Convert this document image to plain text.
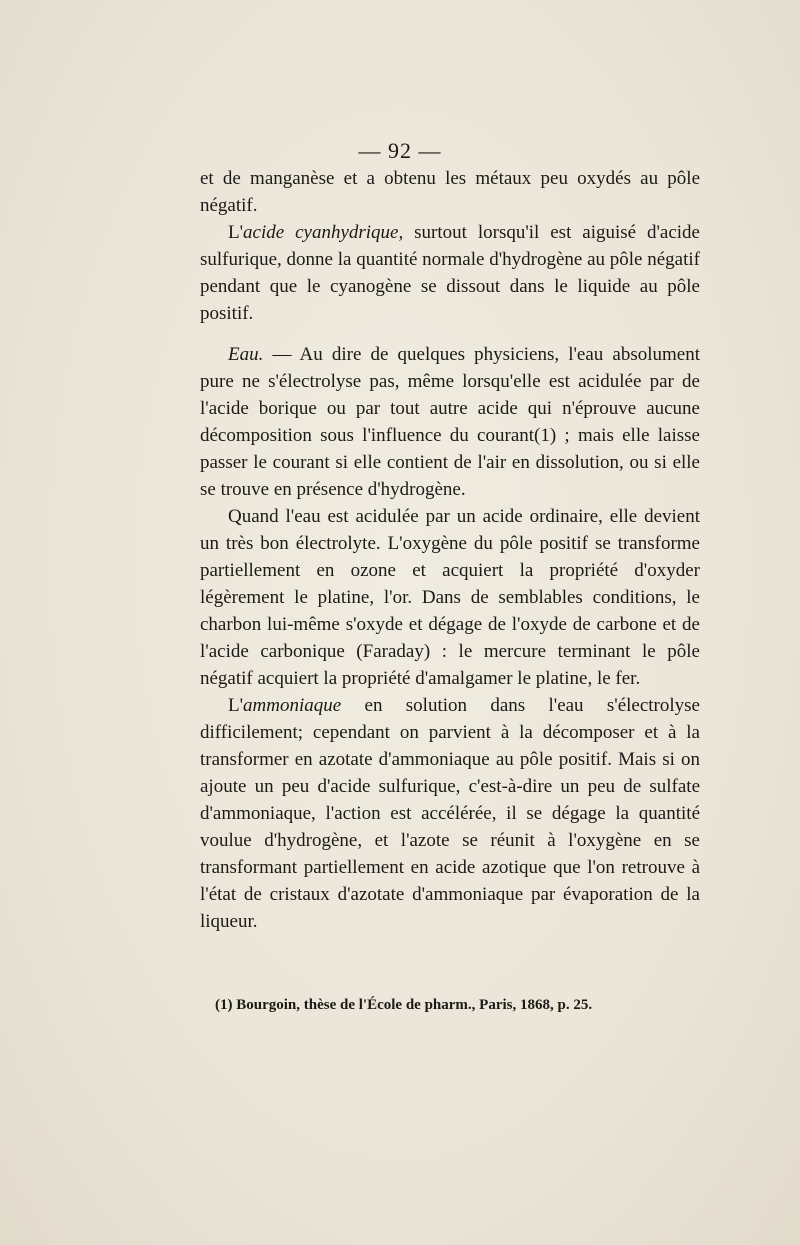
— 92 —

et de manganèse et a obtenu les métaux peu oxydés au pôle négatif.

L'acide cyanhydrique, surtout lorsqu'il est aiguisé d'acide sulfurique, donne la quantité normale d'hydrogène au pôle négatif pendant que le cyanogène se dissout dans le liquide au pôle positif.

Eau. — Au dire de quelques physiciens, l'eau absolument pure ne s'électrolyse pas, même lorsqu'elle est acidulée par de l'acide borique ou par tout autre acide qui n'éprouve aucune décomposition sous l'influence du courant(1) ; mais elle laisse passer le courant si elle contient de l'air en dissolution, ou si elle se trouve en présence d'hydrogène.

Quand l'eau est acidulée par un acide ordinaire, elle devient un très bon électrolyte. L'oxygène du pôle positif se transforme partiellement en ozone et acquiert la propriété d'oxyder légèrement le platine, l'or. Dans de semblables conditions, le charbon lui-même s'oxyde et dégage de l'oxyde de carbone et de l'acide carbonique (Faraday) : le mercure terminant le pôle négatif acquiert la propriété d'amalgamer le platine, le fer.

L'ammoniaque en solution dans l'eau s'électrolyse difficilement; cependant on parvient à la décomposer et à la transformer en azotate d'ammoniaque au pôle positif. Mais si on ajoute un peu d'acide sulfurique, c'est-à-dire un peu de sulfate d'ammoniaque, l'action est accélérée, il se dégage la quantité voulue d'hydrogène, et l'azote se réunit à l'oxygène en se transformant partiellement en acide azotique que l'on retrouve à l'état de cristaux d'azotate d'ammoniaque par évaporation de la liqueur.

(1) Bourgoin, thèse de l'École de pharm., Paris, 1868, p. 25.
